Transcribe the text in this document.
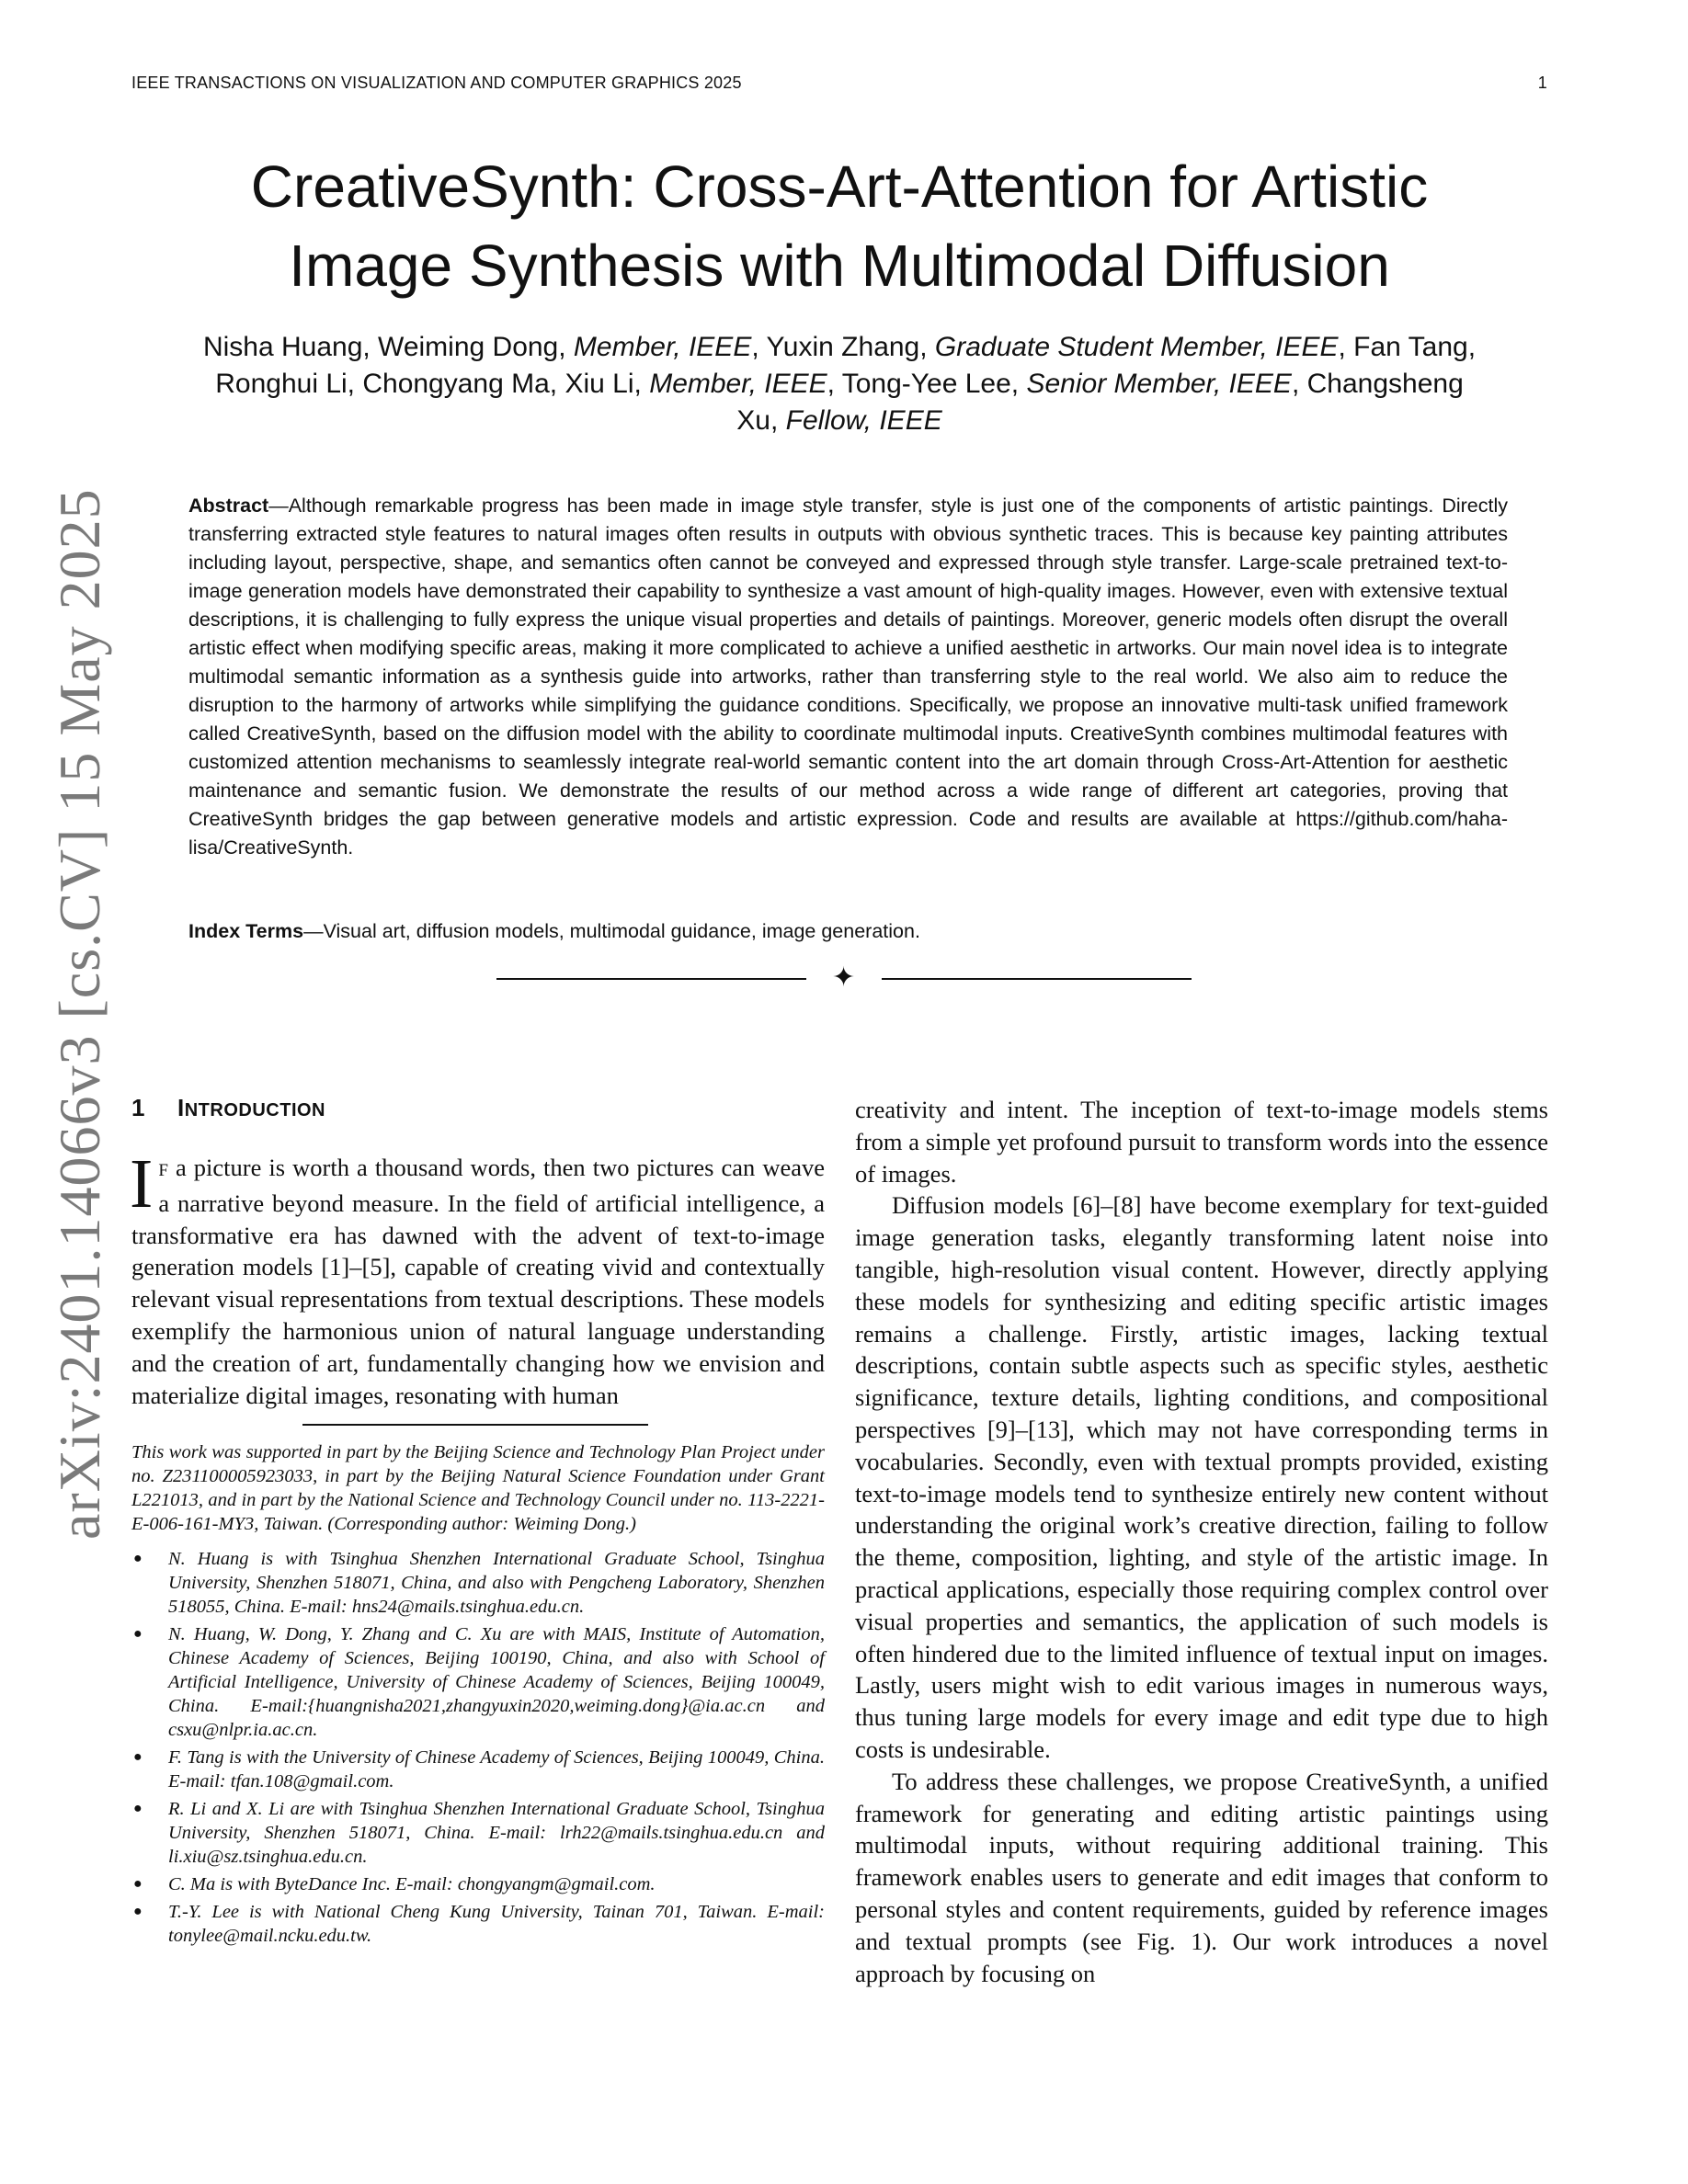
IEEE TRANSACTIONS ON VISUALIZATION AND COMPUTER GRAPHICS 2025	1
CreativeSynth: Cross-Art-Attention for Artistic
Image Synthesis with Multimodal Diffusion
Nisha Huang, Weiming Dong, Member, IEEE, Yuxin Zhang, Graduate Student Member, IEEE, Fan Tang,
Ronghui Li, Chongyang Ma, Xiu Li, Member, IEEE, Tong-Yee Lee, Senior Member, IEEE, Changsheng
Xu, Fellow, IEEE

Abstract—Although remarkable progress has been made in image style transfer, style is just one of the components of artistic paintings. Directly transferring extracted style features to natural images often results in outputs with obvious synthetic traces. This is because key painting attributes including layout, perspective, shape, and semantics often cannot be conveyed and expressed through style transfer. Large-scale pretrained text-to-image generation models have demonstrated their capability to synthesize a vast amount of high-quality images. However, even with extensive textual descriptions, it is challenging to fully express the unique visual properties and details of paintings. Moreover, generic models often disrupt the overall artistic effect when modifying specific areas, making it more complicated to achieve a unified aesthetic in artworks. Our main novel idea is to integrate multimodal semantic information as a synthesis guide into artworks, rather than transferring style to the real world. We also aim to reduce the disruption to the harmony of artworks while simplifying the guidance conditions. Specifically, we propose an innovative multi-task unified framework called CreativeSynth, based on the diffusion model with the ability to coordinate multimodal inputs. CreativeSynth combines multimodal features with customized attention mechanisms to seamlessly integrate real-world semantic content into the art domain through Cross-Art-Attention for aesthetic maintenance and semantic fusion. We demonstrate the results of our method across a wide range of different art categories, proving that CreativeSynth bridges the gap between generative models and artistic expression. Code and results are available at https://github.com/haha-lisa/CreativeSynth.

Index Terms—Visual art, diffusion models, multimodal guidance, image generation.

✦
arXiv:2401.14066v3 [cs.CV] 15 May 2025 1 INTRODUCTION

I F a picture is worth a thousand words, then two pictures can weave a narrative beyond measure. In the field of artificial intelligence, a transformative era has dawned with the advent of text-to-image generation models [1]–[5], capable of creating vivid and contextually relevant visual representations from textual descriptions. These models exemplify the harmonious union of natural language understanding and the creation of art, fundamentally changing how we envision and materialize digital images, resonating with human

This work was supported in part by the Beijing Science and Technology Plan Project under no. Z231100005923033, in part by the Beijing Natural Science Foundation under Grant L221013, and in part by the National Science and Technology Council under no. 113-2221-E-006-161-MY3, Taiwan. (Corresponding author: Weiming Dong.)

● N. Huang is with Tsinghua Shenzhen International Graduate School, Tsinghua University, Shenzhen 518071, China, and also with Pengcheng Laboratory, Shenzhen 518055, China. E-mail: hns24@mails.tsinghua.edu.cn.
● N. Huang, W. Dong, Y. Zhang and C. Xu are with MAIS, Institute of Automation, Chinese Academy of Sciences, Beijing 100190, China, and also with School of Artificial Intelligence, University of Chinese Academy of Sciences, Beijing 100049, China. E-mail:{huangnisha2021,zhangyuxin2020,weiming.dong}@ia.ac.cn and csxu@nlpr.ia.ac.cn.
● F. Tang is with the University of Chinese Academy of Sciences, Beijing 100049, China. E-mail: tfan.108@gmail.com.
● R. Li and X. Li are with Tsinghua Shenzhen International Graduate School, Tsinghua University, Shenzhen 518071, China. E-mail: lrh22@mails.tsinghua.edu.cn and li.xiu@sz.tsinghua.edu.cn.
● C. Ma is with ByteDance Inc. E-mail: chongyangm@gmail.com.
● T.-Y. Lee is with National Cheng Kung University, Tainan 701, Taiwan. E-mail: tonylee@mail.ncku.edu.tw.

creativity and intent. The inception of text-to-image models stems from a simple yet profound pursuit to transform words into the essence of images.

Diffusion models [6]–[8] have become exemplary for text-guided image generation tasks, elegantly transforming latent noise into tangible, high-resolution visual content. However, directly applying these models for synthesizing and editing specific artistic images remains a challenge. Firstly, artistic images, lacking textual descriptions, contain subtle aspects such as specific styles, aesthetic significance, texture details, lighting conditions, and compositional perspectives [9]–[13], which may not have corresponding terms in vocabularies. Secondly, even with textual prompts provided, existing text-to-image models tend to synthesize entirely new content without understanding the original work’s creative direction, failing to follow the theme, composition, lighting, and style of the artistic image. In practical applications, especially those requiring complex control over visual properties and semantics, the application of such models is often hindered due to the limited influence of textual input on images. Lastly, users might wish to edit various images in numerous ways, thus tuning large models for every image and edit type due to high costs is undesirable.

To address these challenges, we propose CreativeSynth, a unified framework for generating and editing artistic paintings using multimodal inputs, without requiring additional training. This framework enables users to generate and edit images that conform to personal styles and content requirements, guided by reference images and textual prompts (see Fig. 1). Our work introduces a novel approach by focusing on
